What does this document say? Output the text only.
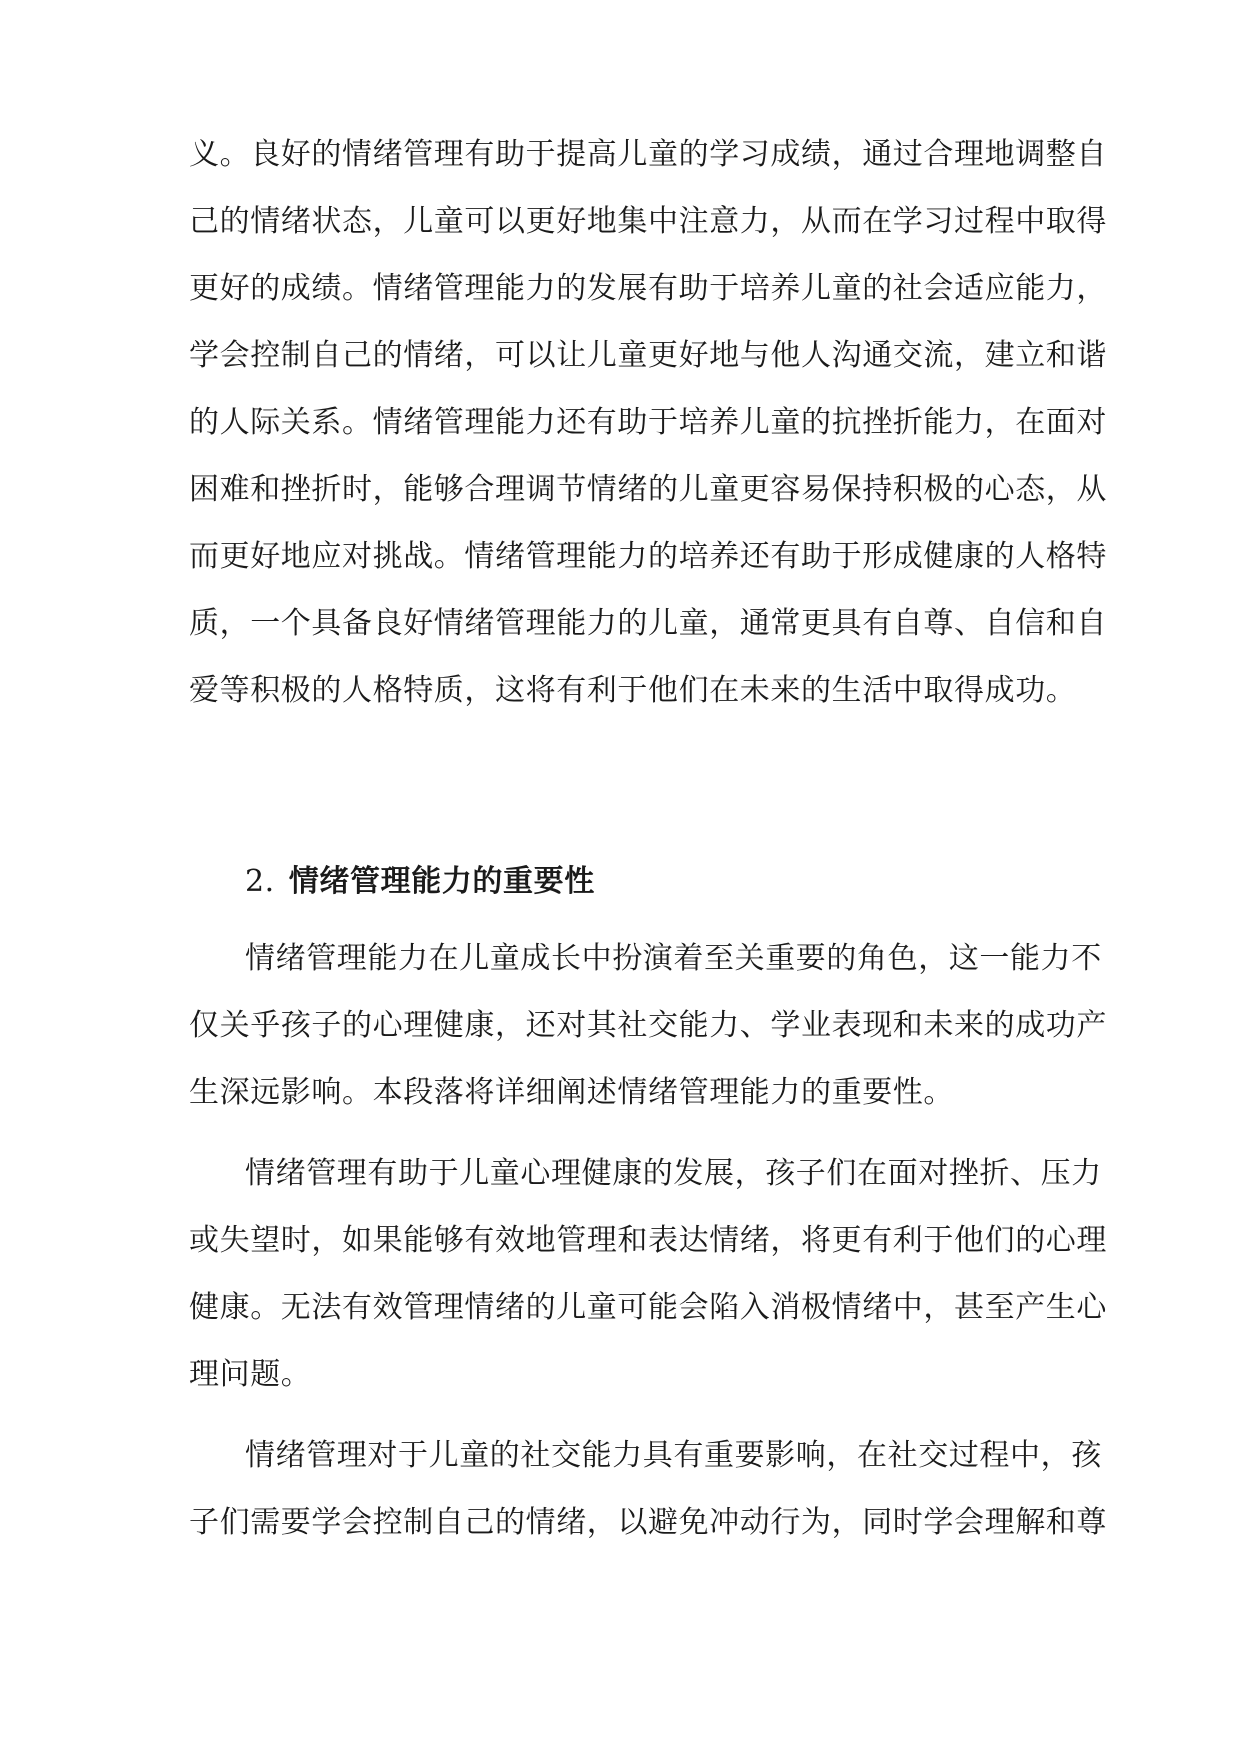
义。良好的情绪管理有助于提高儿童的学习成绩，通过合理地调整自
己的情绪状态，儿童可以更好地集中注意力，从而在学习过程中取得
更好的成绩。情绪管理能力的发展有助于培养儿童的社会适应能力，
学会控制自己的情绪，可以让儿童更好地与他人沟通交流，建立和谐
的人际关系。情绪管理能力还有助于培养儿童的抗挫折能力，在面对
困难和挫折时，能够合理调节情绪的儿童更容易保持积极的心态，从
而更好地应对挑战。情绪管理能力的培养还有助于形成健康的人格特
质，一个具备良好情绪管理能力的儿童，通常更具有自尊、自信和自
爱等积极的人格特质，这将有利于他们在未来的生活中取得成功。
2. 情绪管理能力的重要性
情绪管理能力在儿童成长中扮演着至关重要的角色，这一能力不
仅关乎孩子的心理健康，还对其社交能力、学业表现和未来的成功产
生深远影响。本段落将详细阐述情绪管理能力的重要性。
情绪管理有助于儿童心理健康的发展，孩子们在面对挫折、压力
或失望时，如果能够有效地管理和表达情绪，将更有利于他们的心理
健康。无法有效管理情绪的儿童可能会陷入消极情绪中，甚至产生心
理问题。
情绪管理对于儿童的社交能力具有重要影响，在社交过程中，孩
子们需要学会控制自己的情绪，以避免冲动行为，同时学会理解和尊
